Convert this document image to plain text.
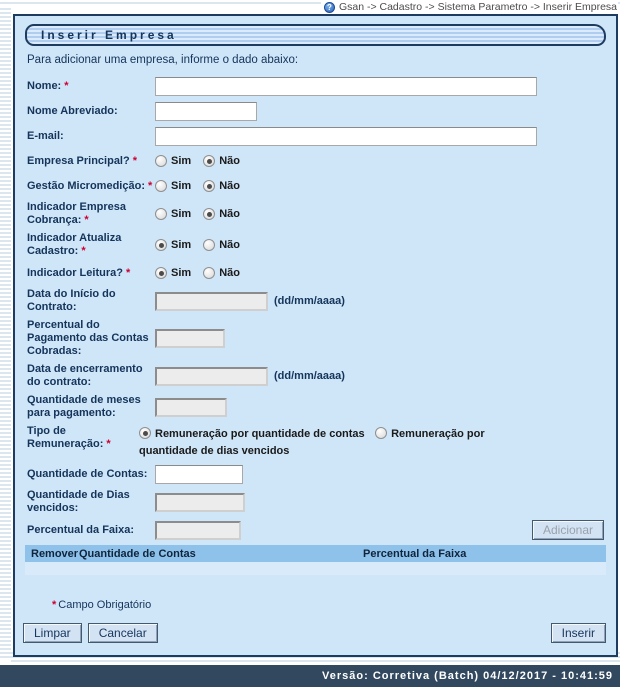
? Gsan -> Cadastro -> Sistema Parametro -> Inserir Empresa
Inserir Empresa
Para adicionar uma empresa, informe o dado abaixo:
Nome: *
Nome Abreviado:
E-mail:
Empresa Principal? *	Sim	Não
Gestão Micromedição: * Sim	Não
Indicador Empresa Cobrança: *	Sim	Não
Indicador Atualiza Cadastro: *	Sim	Não
Indicador Leitura? *	Sim	Não
Data do Início do Contrato:	(dd/mm/aaaa)
Percentual do Pagamento das Contas Cobradas:
Data de encerramento do contrato:	(dd/mm/aaaa)
Quantidade de meses para pagamento:
Tipo de Remuneração: *
Remuneração por quantidade de contas Remuneração por quantidade de dias vencidos
Quantidade de Contas:
Quantidade de Dias vencidos:
Percentual da Faixa:	Adicionar
Remover Quantidade de Contas	Percentual da Faixa
* Campo Obrigatório
Limpar	Cancelar	Inserir
Versão: Corretiva (Batch) 04/12/2017 - 10:41:59
